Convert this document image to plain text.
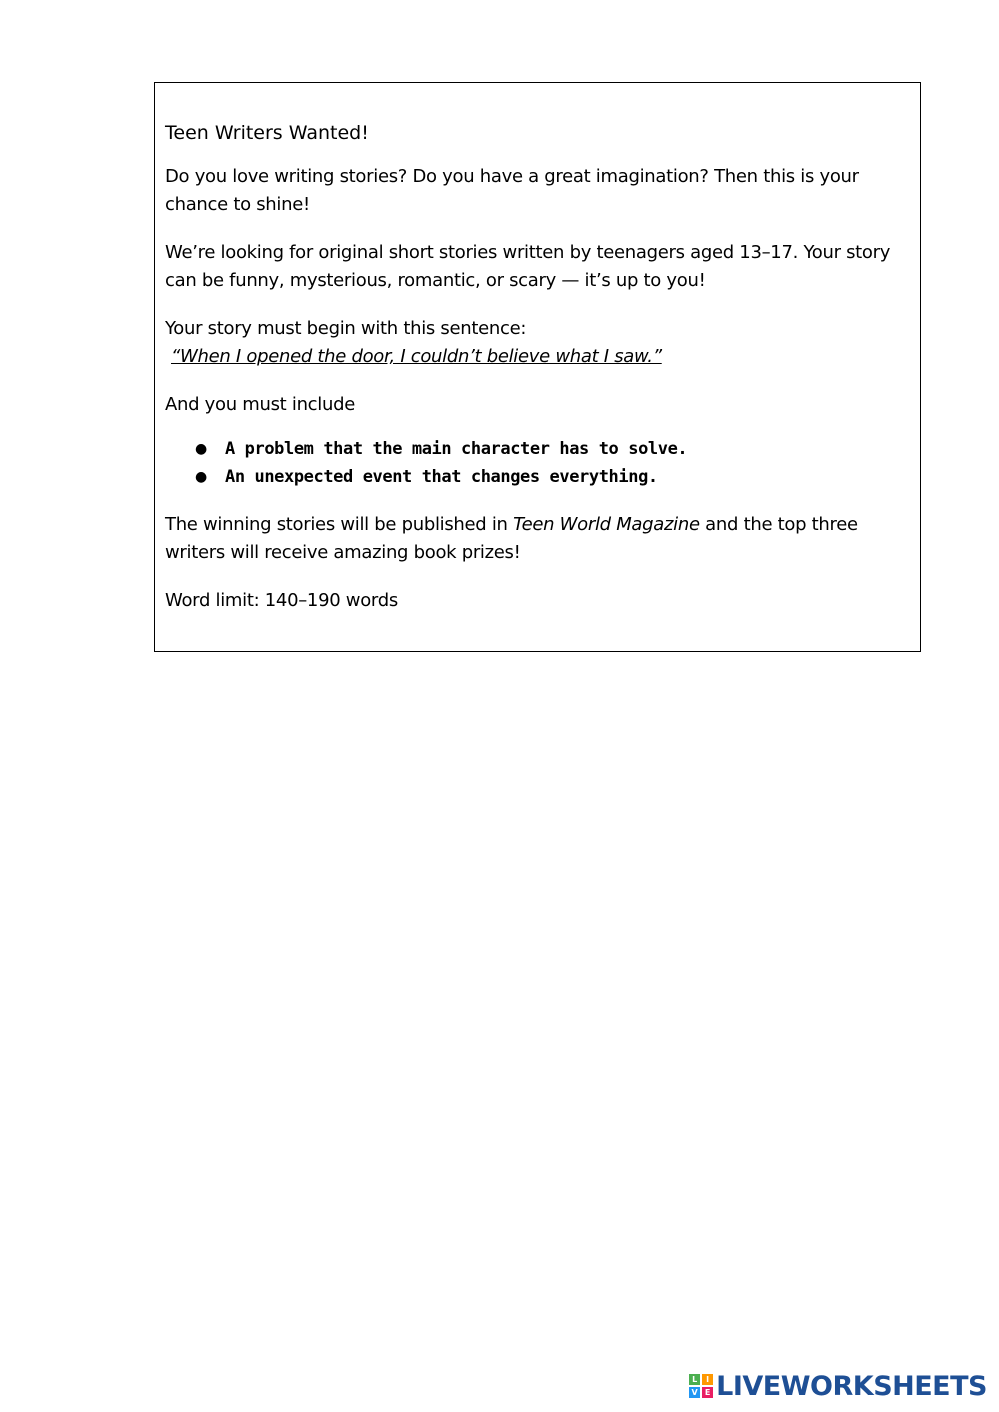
Teen Writers Wanted!

Do you love writing stories? Do you have a great imagination? Then this is your chance to shine!

We’re looking for original short stories written by teenagers aged 13–17. Your story can be funny, mysterious, romantic, or scary — it’s up to you!

Your story must begin with this sentence:
“When I opened the door, I couldn’t believe what I saw.”

And you must include

● A problem that the main character has to solve.
● An unexpected event that changes everything.

The winning stories will be published in Teen World Magazine and the top three writers will receive amazing book prizes!

Word limit: 140–190 words

L	I
V E LIVEWORKSHEETS
